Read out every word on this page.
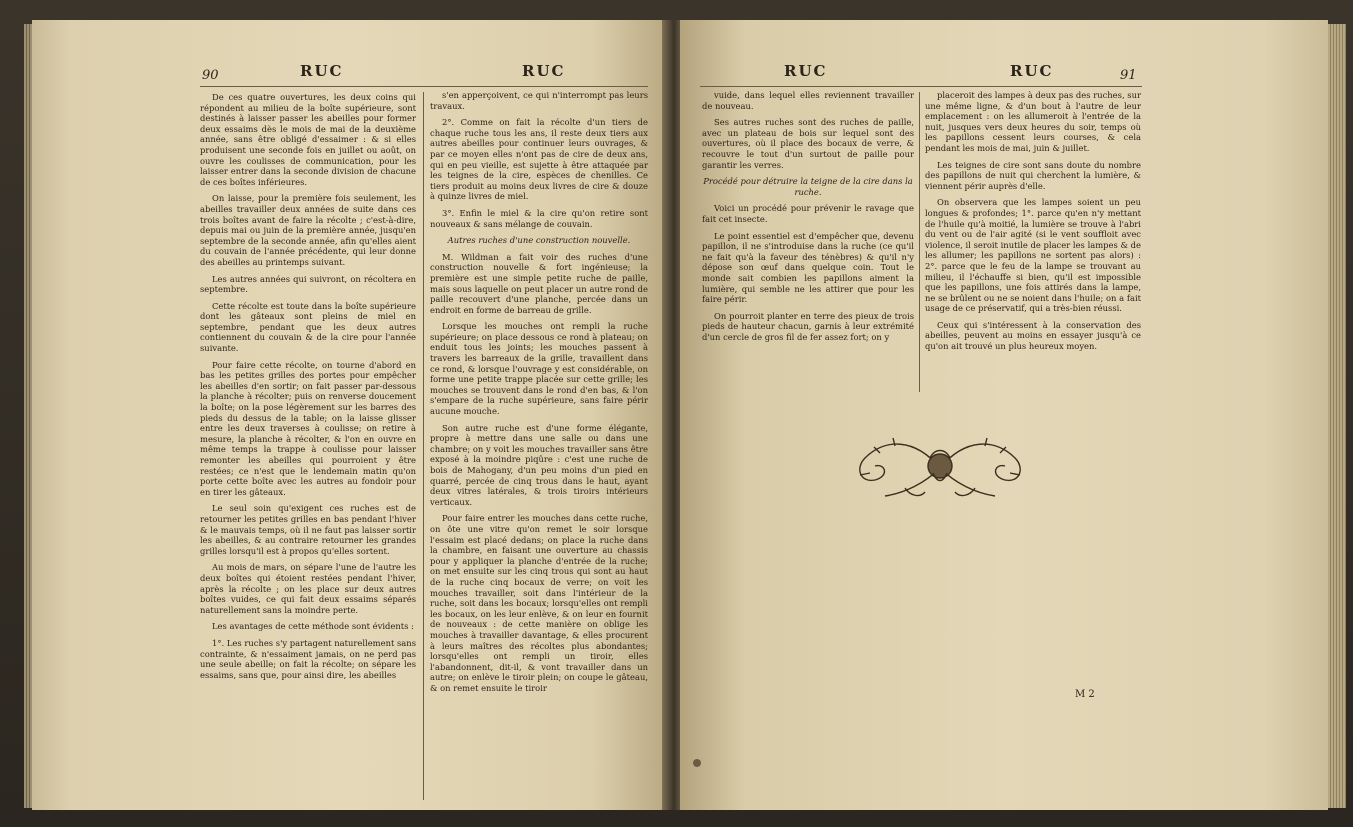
90	RUC	RUC

De ces quatre ouvertures, les deux coins qui répondent au milieu de la boîte supérieure, sont destinés à laisser passer les abeilles pour former deux essaims dès le mois de mai de la deuxième année, sans être obligé d'essaimer : & si elles produisent une seconde fois en juillet ou août, on ouvre les coulisses de communication, pour les laisser entrer dans la seconde division de chacune de ces boîtes inférieures.

On laisse, pour la première fois seulement, les abeilles travailler deux années de suite dans ces trois boîtes avant de faire la récolte ; c'est-à-dire, depuis mai ou juin de la première année, jusqu'en septembre de la seconde année, afin qu'elles aient du couvain de l'année précédente, qui leur donne des abeilles au printemps suivant.

Les autres années qui suivront, on récoltera en septembre.

Cette récolte est toute dans la boîte supérieure dont les gâteaux sont pleins de miel en septembre, pendant que les deux autres contiennent du couvain & de la cire pour l'année suivante.

Pour faire cette récolte, on tourne d'abord en bas les petites grilles des portes pour empêcher les abeilles d'en sortir; on fait passer par-dessous la planche à récolter; puis on renverse doucement la boîte; on la pose légèrement sur les barres des pieds du dessus de la table; on la laisse glisser entre les deux traverses à coulisse; on retire à mesure, la planche à récolter, & l'on en ouvre en même temps la trappe à coulisse pour laisser remonter les abeilles qui pourroient y être restées; ce n'est que le lendemain matin qu'on porte cette boîte avec les autres au fondoir pour en tirer les gâteaux.

Le seul soin qu'exigent ces ruches est de retourner les petites grilles en bas pendant l'hiver & le mauvais temps, où il ne faut pas laisser sortir les abeilles, & au contraire retourner les grandes grilles lorsqu'il est à propos qu'elles sortent.

Au mois de mars, on sépare l'une de l'autre les deux boîtes qui étoient restées pendant l'hiver, après la récolte ; on les place sur deux autres boîtes vuides, ce qui fait deux essaims séparés naturellement sans la moindre perte.

Les avantages de cette méthode sont évidents :

1°. Les ruches s'y partagent naturellement sans contrainte, & n'essaiment jamais, on ne perd pas une seule abeille; on fait la récolte; on sépare les essaims, sans que, pour ainsi dire, les abeilles

s'en apperçoivent, ce qui n'interrompt pas leurs travaux.

2°. Comme on fait la récolte d'un tiers de chaque ruche tous les ans, il reste deux tiers aux autres abeilles pour continuer leurs ouvrages, & par ce moyen elles n'ont pas de cire de deux ans, qui en peu vieille, est sujette à être attaquée par les teignes de la cire, espèces de chenilles. Ce tiers produit au moins deux livres de cire & douze à quinze livres de miel.

3°. Enfin le miel & la cire qu'on retire sont nouveaux & sans mélange de couvain.

Autres ruches d'une construction nouvelle.

M. Wildman a fait voir des ruches d'une construction nouvelle & fort ingénieuse; la première est une simple petite ruche de paille, mais sous laquelle on peut placer un autre rond de paille recouvert d'une planche, percée dans un endroit en forme de barreau de grille.

Lorsque les mouches ont rempli la ruche supérieure; on place dessous ce rond à plateau; on enduit tous les joints; les mouches passent à travers les barreaux de la grille, travaillent dans ce rond, & lorsque l'ouvrage y est considérable, on forme une petite trappe placée sur cette grille; les mouches se trouvent dans le rond d'en bas, & l'on s'empare de la ruche supérieure, sans faire périr aucune mouche.

Son autre ruche est d'une forme élégante, propre à mettre dans une salle ou dans une chambre; on y voit les mouches travailler sans être exposé à la moindre piqûre : c'est une ruche de bois de Mahogany, d'un peu moins d'un pied en quarré, percée de cinq trous dans le haut, ayant deux vitres latérales, & trois tiroirs intérieurs verticaux.

Pour faire entrer les mouches dans cette ruche, on ôte une vitre qu'on remet le soir lorsque l'essaim est placé dedans; on place la ruche dans la chambre, en faisant une ouverture au chassis pour y appliquer la planche d'entrée de la ruche; on met ensuite sur les cinq trous qui sont au haut de la ruche cinq bocaux de verre; on voit les mouches travailler, soit dans l'intérieur de la ruche, soit dans les bocaux; lorsqu'elles ont rempli les bocaux, on les leur enlève, & on leur en fournit de nouveaux : de cette manière on oblige les mouches à travailler davantage, & elles procurent à leurs maîtres des récoltes plus abondantes; lorsqu'elles ont rempli un tiroir, elles l'abandonnent, dit-il, & vont travailler dans un autre; on enlève le tiroir plein; on coupe le gâteau, & on remet ensuite le tiroir

RUC	RUC	91

vuide, dans lequel elles reviennent travailler de nouveau.

Ses autres ruches sont des ruches de paille, avec un plateau de bois sur lequel sont des ouvertures, où il place des bocaux de verre, & recouvre le tout d'un surtout de paille pour garantir les verres.

Procédé pour détruire la teigne de la cire dans la ruche.

Voici un procédé pour prévenir le ravage que fait cet insecte.

Le point essentiel est d'empêcher que, devenu papillon, il ne s'introduise dans la ruche (ce qu'il ne fait qu'à la faveur des ténèbres) & qu'il n'y dépose son œuf dans quelque coin. Tout le monde sait combien les papillons aiment la lumière, qui semble ne les attirer que pour les faire périr.

On pourroit planter en terre des pieux de trois pieds de hauteur chacun, garnis à leur extrémité d'un cercle de gros fil de fer assez fort; on y

placeroit des lampes à deux pas des ruches, sur une même ligne, & d'un bout à l'autre de leur emplacement : on les allumeroit à l'entrée de la nuit, jusques vers deux heures du soir, temps où les papillons cessent leurs courses, & cela pendant les mois de mai, juin & juillet.

Les teignes de cire sont sans doute du nombre des papillons de nuit qui cherchent la lumière, & viennent périr auprès d'elle.

On observera que les lampes soient un peu longues & profondes; 1°. parce qu'en n'y mettant de l'huile qu'à moitié, la lumière se trouve à l'abri du vent ou de l'air agité (si le vent souffloit avec violence, il seroit inutile de placer les lampes & de les allumer; les papillons ne sortent pas alors) : 2°. parce que le feu de la lampe se trouvant au milieu, il l'échauffe si bien, qu'il est impossible que les papillons, une fois attirés dans la lampe, ne se brûlent ou ne se noient dans l'huile; on a fait usage de ce préservatif, qui a très-bien réussi.

Ceux qui s'intéressent à la conservation des abeilles, peuvent au moins en essayer jusqu'à ce qu'on ait trouvé un plus heureux moyen.

M 2
